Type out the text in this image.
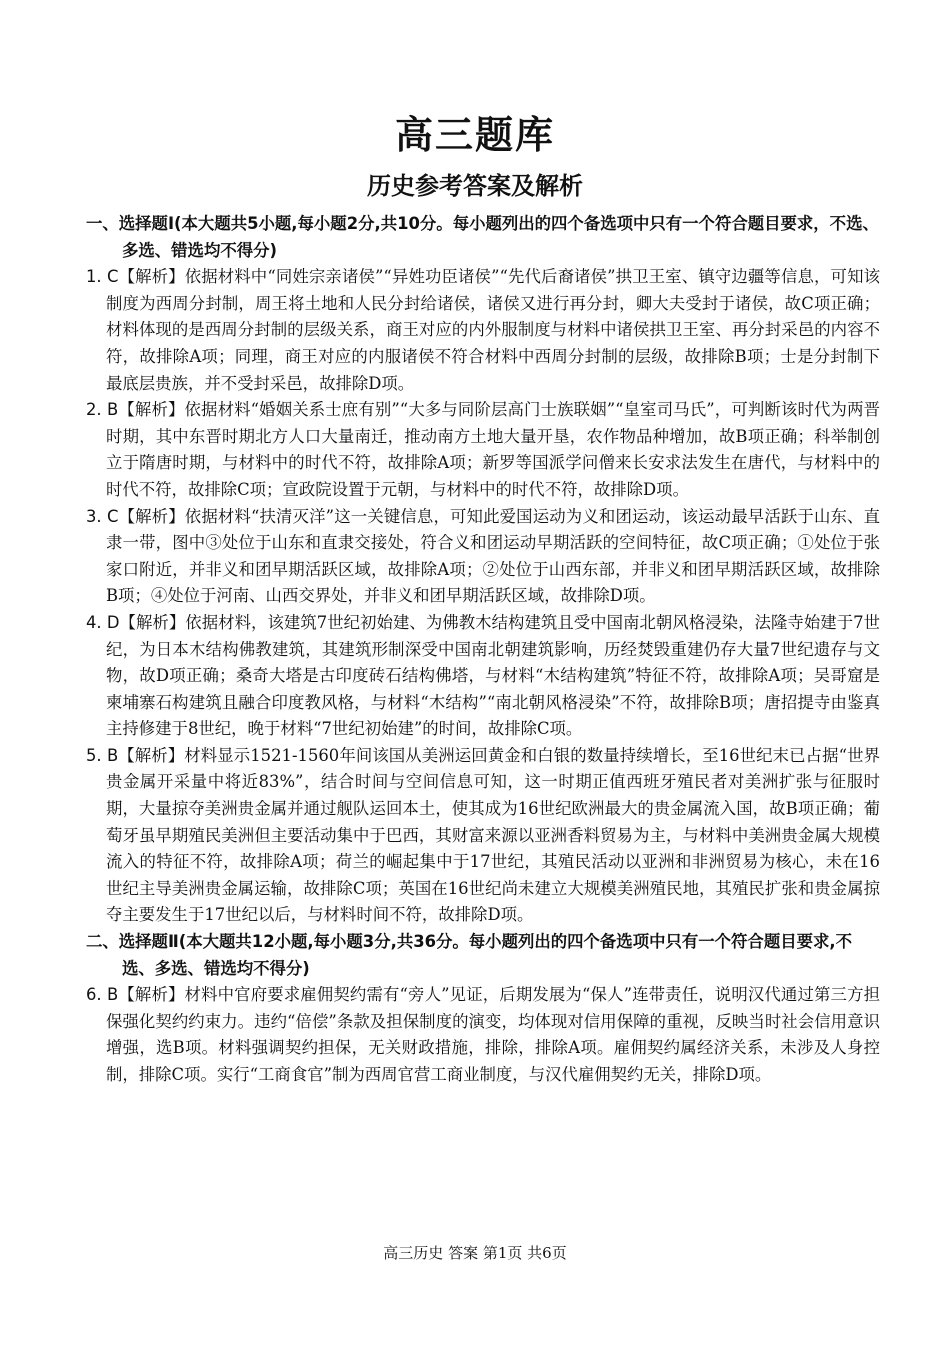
高三题库
历史参考答案及解析
一、选择题Ⅰ(本大题共5小题,每小题2分,共10分。每小题列出的四个备选项中只有一个符合题目要求，不选、多选、错选均不得分)
1. C【解析】依据材料中“同姓宗亲诸侯”“异姓功臣诸侯”“先代后裔诸侯”拱卫王室、镇守边疆等信息，可知该制度为西周分封制，周王将土地和人民分封给诸侯，诸侯又进行再分封，卿大夫受封于诸侯，故C项正确；材料体现的是西周分封制的层级关系，商王对应的内外服制度与材料中诸侯拱卫王室、再分封采邑的内容不符，故排除A项；同理，商王对应的内服诸侯不符合材料中西周分封制的层级，故排除B项；士是分封制下最底层贵族，并不受封采邑，故排除D项。
2. B【解析】依据材料“婚姻关系士庶有别”“大多与同阶层高门士族联姻”“皇室司马氏”，可判断该时代为两晋时期，其中东晋时期北方人口大量南迁，推动南方土地大量开垦，农作物品种增加，故B项正确；科举制创立于隋唐时期，与材料中的时代不符，故排除A项；新罗等国派学问僧来长安求法发生在唐代，与材料中的时代不符，故排除C项；宣政院设置于元朝，与材料中的时代不符，故排除D项。
3. C【解析】依据材料“扶清灭洋”这一关键信息，可知此爱国运动为义和团运动，该运动最早活跃于山东、直隶一带，图中③处位于山东和直隶交接处，符合义和团运动早期活跃的空间特征，故C项正确；①处位于张家口附近，并非义和团早期活跃区域，故排除A项；②处位于山西东部，并非义和团早期活跃区域，故排除B项；④处位于河南、山西交界处，并非义和团早期活跃区域，故排除D项。
4. D【解析】依据材料，该建筑7世纪初始建、为佛教木结构建筑且受中国南北朝风格浸染，法隆寺始建于7世纪，为日本木结构佛教建筑，其建筑形制深受中国南北朝建筑影响，历经焚毁重建仍存大量7世纪遗存与文物，故D项正确；桑奇大塔是古印度砖石结构佛塔，与材料“木结构建筑”特征不符，故排除A项；吴哥窟是柬埔寨石构建筑且融合印度教风格，与材料“木结构”“南北朝风格浸染”不符，故排除B项；唐招提寺由鉴真主持修建于8世纪，晚于材料“7世纪初始建”的时间，故排除C项。
5. B【解析】材料显示1521-1560年间该国从美洲运回黄金和白银的数量持续增长，至16世纪末已占据“世界贵金属开采量中将近83%”，结合时间与空间信息可知，这一时期正值西班牙殖民者对美洲扩张与征服时期，大量掠夺美洲贵金属并通过舰队运回本土，使其成为16世纪欧洲最大的贵金属流入国，故B项正确；葡萄牙虽早期殖民美洲但主要活动集中于巴西，其财富来源以亚洲香料贸易为主，与材料中美洲贵金属大规模流入的特征不符，故排除A项；荷兰的崛起集中于17世纪，其殖民活动以亚洲和非洲贸易为核心，未在16世纪主导美洲贵金属运输，故排除C项；英国在16世纪尚未建立大规模美洲殖民地，其殖民扩张和贵金属掠夺主要发生于17世纪以后，与材料时间不符，故排除D项。
二、选择题Ⅱ(本大题共12小题,每小题3分,共36分。每小题列出的四个备选项中只有一个符合题目要求,不选、多选、错选均不得分)
6. B【解析】材料中官府要求雇佣契约需有“旁人”见证，后期发展为“保人”连带责任，说明汉代通过第三方担保强化契约约束力。违约“倍偿”条款及担保制度的演变，均体现对信用保障的重视，反映当时社会信用意识增强，选B项。材料强调契约担保，无关财政措施，排除，排除A项。雇佣契约属经济关系，未涉及人身控制，排除C项。实行“工商食官”制为西周官营工商业制度，与汉代雇佣契约无关，排除D项。
高三历史 答案 第1页 共6页
